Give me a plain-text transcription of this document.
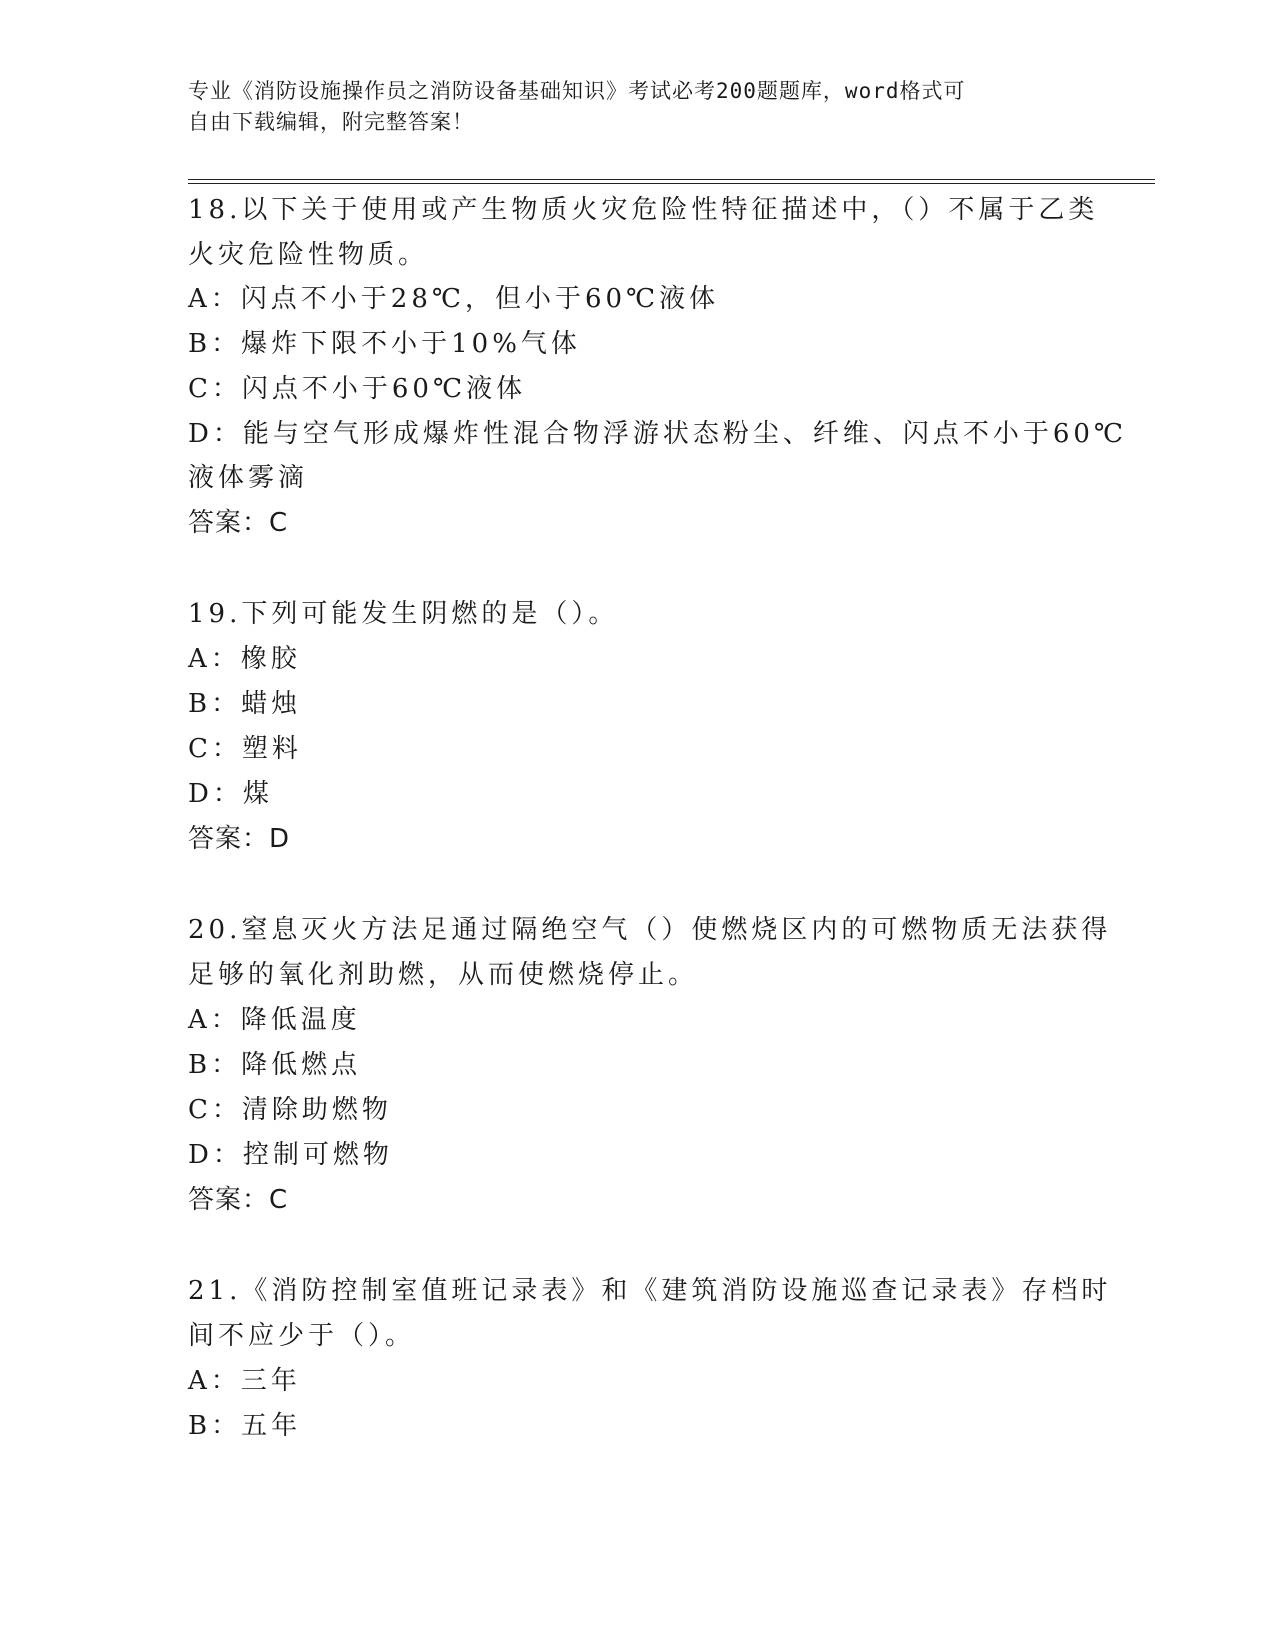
专业《消防设施操作员之消防设备基础知识》考试必考200题题库，word格式可
自由下载编辑，附完整答案！
18.以下关于使用或产生物质火灾危险性特征描述中，（）不属于乙类
火灾危险性物质。
A：闪点不小于28℃，但小于60℃液体
B：爆炸下限不小于10%气体
C：闪点不小于60℃液体
D：能与空气形成爆炸性混合物浮游状态粉尘、纤维、闪点不小于60℃
液体雾滴
答案：C
19.下列可能发生阴燃的是（）。
A：橡胶
B：蜡烛
C：塑料
D：煤
答案：D
20.窒息灭火方法足通过隔绝空气（）使燃烧区内的可燃物质无法获得
足够的氧化剂助燃，从而使燃烧停止。
A：降低温度
B：降低燃点
C：清除助燃物
D：控制可燃物
答案：C
21.《消防控制室值班记录表》和《建筑消防设施巡查记录表》存档时
间不应少于（）。
A：三年
B：五年
